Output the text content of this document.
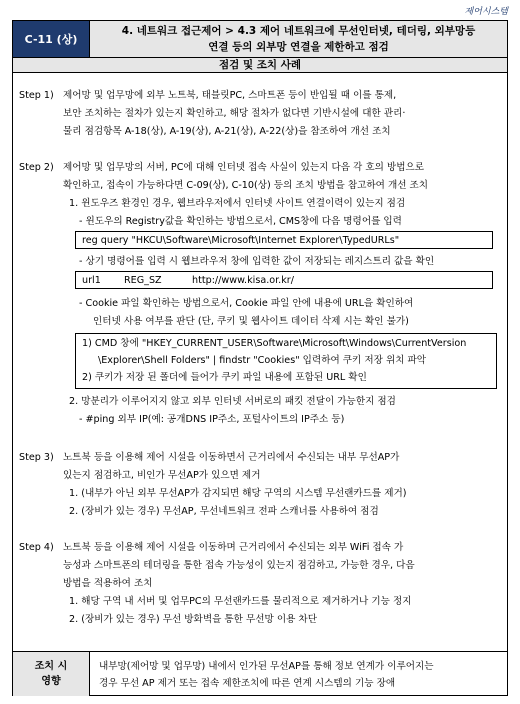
제어시스템
C-11 (상)
4. 네트워크 접근제어 > 4.3 제어 네트워크에 무선인터넷, 테더링, 외부망등
연결 등의 외부망 연결을 제한하고 점검
점검 및 조치 사례
Step 1) 제어망 및 업무망에 외부 노트북, 태블릿PC, 스마트폰 등이 반입될 때 이를 통제,
보안 조치하는 절차가 있는지 확인하고, 해당 절차가 없다면 기반시설에 대한 관리·
물리 점검항목 A-18(상), A-19(상), A-21(상), A-22(상)을 참조하여 개선 조치
Step 2) 제어망 및 업무망의 서버, PC에 대해 인터넷 접속 사실이 있는지 다음 각 호의 방법으로
확인하고, 접속이 가능하다면 C-09(상), C-10(상) 등의 조치 방법을 참고하여 개선 조치
1. 윈도우즈 환경인 경우, 웹브라우저에서 인터넷 사이트 연결이력이 있는지 점검
- 윈도우의 Registry값을 확인하는 방법으로서, CMS창에 다음 명령어를 입력
reg query "HKCU\Software\Microsoft\Internet Explorer\TypedURLs"
- 상기 명령어를 입력 시 웹브라우저 창에 입력한 값이 저장되는 레지스트리 값을 확인
url1 REG_SZ	http://www.kisa.or.kr/
- Cookie 파일 확인하는 방법으로서, Cookie 파일 안에 내용에 URL을 확인하여
인터넷 사용 여부를 판단 (단, 쿠키 및 웹사이트 데이터 삭제 시는 확인 불가)
1) CMD 창에 "HKEY_CURRENT_USER\Software\Microsoft\Windows\CurrentVersion
\Explorer\Shell Folders" | findstr "Cookies" 입력하여 쿠키 저장 위치 파악
2) 쿠키가 저장 된 폴더에 들어가 쿠키 파일 내용에 포함된 URL 확인
2. 망분리가 이루어지지 않고 외부 인터넷 서버로의 패킷 전달이 가능한지 점검
- #ping 외부 IP(예: 공개DNS IP주소, 포털사이트의 IP주소 등)
Step 3) 노트북 등을 이용해 제어 시설을 이동하면서 근거리에서 수신되는 내부 무선AP가
있는지 점검하고, 비인가 무선AP가 있으면 제거
1. (내부가 아닌 외부 무선AP가 감지되면 해당 구역의 시스템 무선랜카드를 제거)
2. (장비가 있는 경우) 무선AP, 무선네트워크 전파 스캐너를 사용하여 점검
Step 4) 노트북 등을 이용해 제어 시설을 이동하며 근거리에서 수신되는 외부 WiFi 접속 가
능성과 스마트폰의 테더링을 통한 접속 가능성이 있는지 점검하고, 가능한 경우, 다음
방법을 적용하여 조치
1. 해당 구역 내 서버 및 업무PC의 무선랜카드를 물리적으로 제거하거나 기능 정지
2. (장비가 있는 경우) 무선 방화벽을 통한 무선망 이용 차단
조치 시
영향
내부망(제어망 및 업무망) 내에서 인가된 무선AP를 통해 정보 연계가 이루어지는
경우 무선 AP 제거 또는 접속 제한조치에 따른 연계 시스템의 기능 장애
